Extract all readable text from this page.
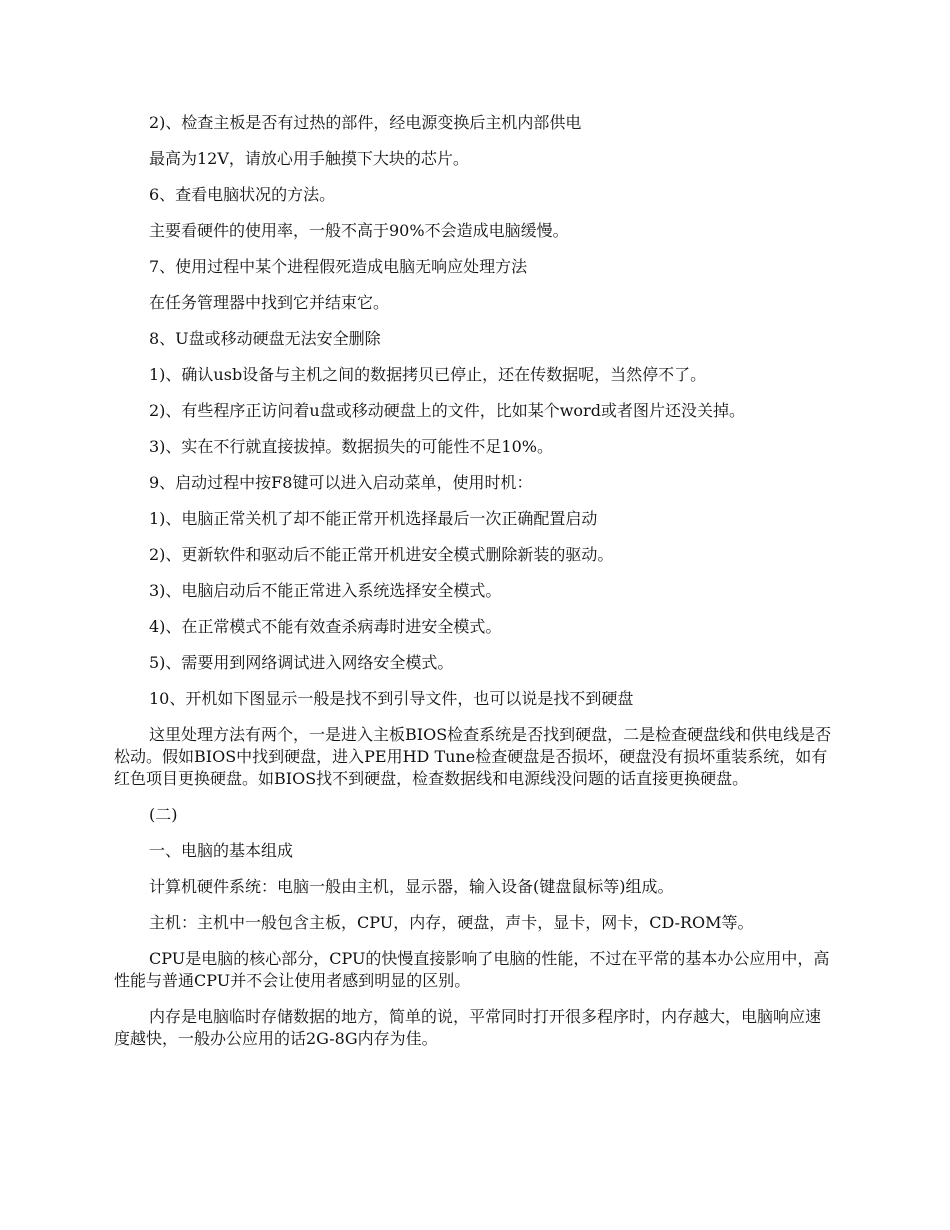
2)、检查主板是否有过热的部件，经电源变换后主机内部供电

最高为12V，请放心用手触摸下大块的芯片。

6、查看电脑状况的方法。

主要看硬件的使用率，一般不高于90%不会造成电脑缓慢。

7、使用过程中某个进程假死造成电脑无响应处理方法

在任务管理器中找到它并结束它。

8、U盘或移动硬盘无法安全删除

1)、确认usb设备与主机之间的数据拷贝已停止，还在传数据呢，当然停不了。

2)、有些程序正访问着u盘或移动硬盘上的文件，比如某个word或者图片还没关掉。

3)、实在不行就直接拔掉。数据损失的可能性不足10%。

9、启动过程中按F8键可以进入启动菜单，使用时机：

1)、电脑正常关机了却不能正常开机选择最后一次正确配置启动

2)、更新软件和驱动后不能正常开机进安全模式删除新装的驱动。

3)、电脑启动后不能正常进入系统选择安全模式。

4)、在正常模式不能有效查杀病毒时进安全模式。

5)、需要用到网络调试进入网络安全模式。

10、开机如下图显示一般是找不到引导文件，也可以说是找不到硬盘

这里处理方法有两个，一是进入主板BIOS检查系统是否找到硬盘，二是检查硬盘线和供电线是否松动。假如BIOS中找到硬盘，进入PE用HD Tune检查硬盘是否损坏，硬盘没有损坏重装系统，如有红色项目更换硬盘。如BIOS找不到硬盘，检查数据线和电源线没问题的话直接更换硬盘。

(二)

一、电脑的基本组成

计算机硬件系统：电脑一般由主机，显示器，输入设备(键盘鼠标等)组成。

主机：主机中一般包含主板，CPU，内存，硬盘，声卡，显卡，网卡，CD-ROM等。

CPU是电脑的核心部分，CPU的快慢直接影响了电脑的性能，不过在平常的基本办公应用中，高性能与普通CPU并不会让使用者感到明显的区别。

内存是电脑临时存储数据的地方，简单的说，平常同时打开很多程序时，内存越大，电脑响应速度越快，一般办公应用的话2G-8G内存为佳。
